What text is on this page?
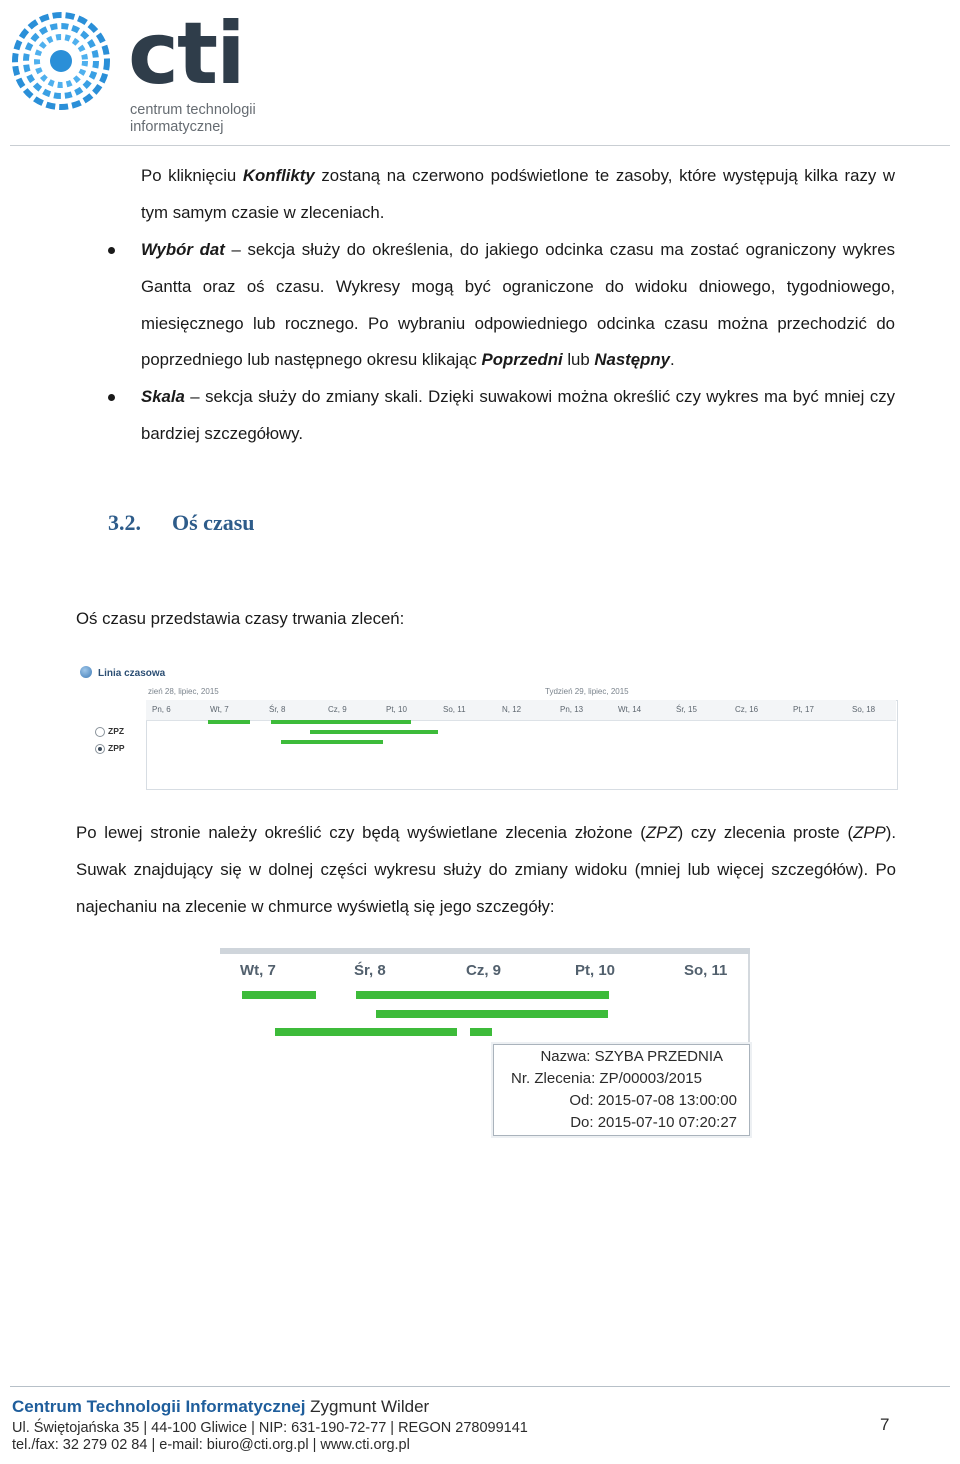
cti
centrum technologii
informatycznej

Po kliknięciu Konflikty zostaną na czerwono podświetlone te zasoby, które występują kilka razy w tym samym czasie w zleceniach.

Wybór dat – sekcja służy do określenia, do jakiego odcinka czasu ma zostać ograniczony wykres Gantta oraz oś czasu. Wykresy mogą być ograniczone do widoku dniowego, tygodniowego, miesięcznego lub rocznego. Po wybraniu odpowiedniego odcinka czasu można przechodzić do poprzedniego lub następnego okresu klikając Poprzedni lub Następny.

Skala – sekcja służy do zmiany skali. Dzięki suwakowi można określić czy wykres ma być mniej czy bardziej szczegółowy.

3.2. Oś czasu

Oś czasu przedstawia czasy trwania zleceń:

Linia czasowa
zień 28, lipiec, 2015	Tydzień 29, lipiec, 2015
Pn, 6	Wt, 7	Śr, 8	Cz, 9	Pt, 10	So, 11	N, 12	Pn, 13	Wt, 14	Śr, 15	Cz, 16	Pt, 17	So, 18
ZPZ
ZPP

Po lewej stronie należy określić czy będą wyświetlane zlecenia złożone (ZPZ) czy zlecenia proste (ZPP). Suwak znajdujący się w dolnej części wykresu służy do zmiany widoku (mniej lub więcej szczegółów). Po najechaniu na zlecenie w chmurce wyświetlą się jego szczegóły:

Wt, 7	Śr, 8	Cz, 9	Pt, 10	So, 11
Nazwa: SZYBA PRZEDNIA
Nr. Zlecenia: ZP/00003/2015
Od: 2015-07-08 13:00:00
Do: 2015-07-10 07:20:27
Centrum Technologii Informatycznej Zygmunt Wilder
Ul. Świętojańska 35 | 44-100 Gliwice | NIP: 631-190-72-77 | REGON 278099141
tel./fax: 32 279 02 84 | e-mail: biuro@cti.org.pl | www.cti.org.pl
7
